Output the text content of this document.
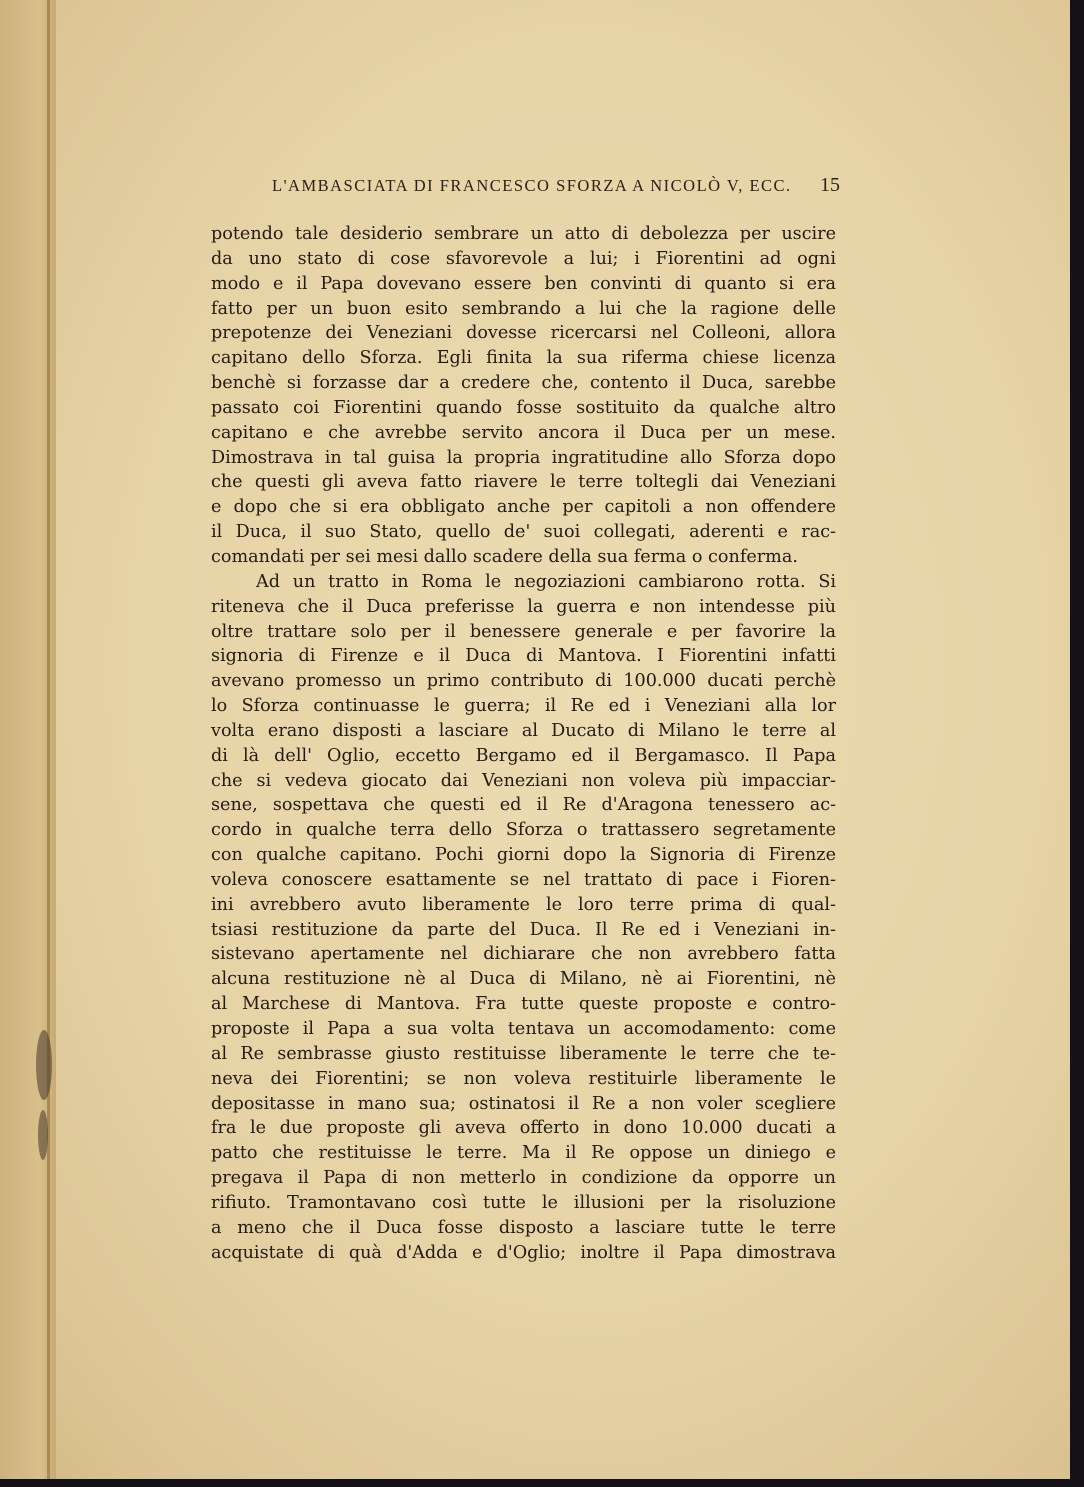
L'AMBASCIATA DI FRANCESCO SFORZA A NICOLÒ V, ECC. 15
potendo tale desiderio sembrare un atto di debolezza per uscire
da uno stato di cose sfavorevole a lui; i Fiorentini ad ogni
modo e il Papa dovevano essere ben convinti di quanto si era
fatto per un buon esito sembrando a lui che la ragione delle
prepotenze dei Veneziani dovesse ricercarsi nel Colleoni, allora
capitano dello Sforza. Egli finita la sua riferma chiese licenza
benchè si forzasse dar a credere che, contento il Duca, sarebbe
passato coi Fiorentini quando fosse sostituito da qualche altro
capitano e che avrebbe servito ancora il Duca per un mese.
Dimostrava in tal guisa la propria ingratitudine allo Sforza dopo
che questi gli aveva fatto riavere le terre toltegli dai Veneziani
e dopo che si era obbligato anche per capitoli a non offendere
il Duca, il suo Stato, quello de' suoi collegati, aderenti e rac-
comandati per sei mesi dallo scadere della sua ferma o conferma.
Ad un tratto in Roma le negoziazioni cambiarono rotta. Si
riteneva che il Duca preferisse la guerra e non intendesse più
oltre trattare solo per il benessere generale e per favorire la
signoria di Firenze e il Duca di Mantova. I Fiorentini infatti
avevano promesso un primo contributo di 100.000 ducati perchè
lo Sforza continuasse le guerra; il Re ed i Veneziani alla lor
volta erano disposti a lasciare al Ducato di Milano le terre al
di là dell' Oglio, eccetto Bergamo ed il Bergamasco. Il Papa
che si vedeva giocato dai Veneziani non voleva più impacciar-
sene, sospettava che questi ed il Re d'Aragona tenessero ac-
cordo in qualche terra dello Sforza o trattassero segretamente
con qualche capitano. Pochi giorni dopo la Signoria di Firenze
voleva conoscere esattamente se nel trattato di pace i Fioren-
ini avrebbero avuto liberamente le loro terre prima di qual-
tsiasi restituzione da parte del Duca. Il Re ed i Veneziani in-
sistevano apertamente nel dichiarare che non avrebbero fatta
alcuna restituzione nè al Duca di Milano, nè ai Fiorentini, nè
al Marchese di Mantova. Fra tutte queste proposte e contro-
proposte il Papa a sua volta tentava un accomodamento: come
al Re sembrasse giusto restituisse liberamente le terre che te-
neva dei Fiorentini; se non voleva restituirle liberamente le
depositasse in mano sua; ostinatosi il Re a non voler scegliere
fra le due proposte gli aveva offerto in dono 10.000 ducati a
patto che restituisse le terre. Ma il Re oppose un diniego e
pregava il Papa di non metterlo in condizione da opporre un
rifiuto. Tramontavano così tutte le illusioni per la risoluzione
a meno che il Duca fosse disposto a lasciare tutte le terre
acquistate di quà d'Adda e d'Oglio; inoltre il Papa dimostrava
